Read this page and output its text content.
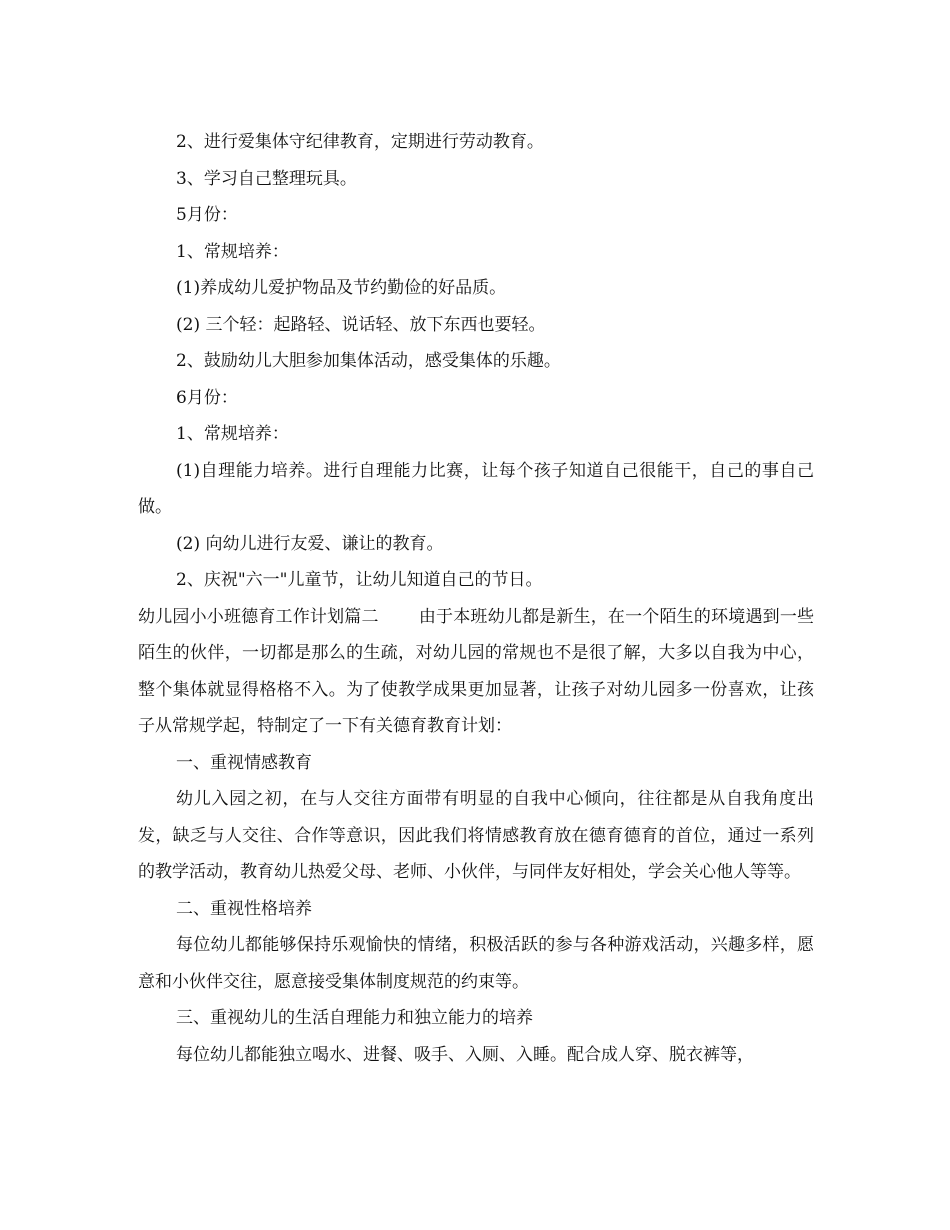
2、进行爱集体守纪律教育，定期进行劳动教育。

3、学习自己整理玩具。

5月份：

1、常规培养：

(1)养成幼儿爱护物品及节约勤俭的好品质。

(2) 三个轻：起路轻、说话轻、放下东西也要轻。

2、鼓励幼儿大胆参加集体活动，感受集体的乐趣。

6月份：

1、常规培养：

(1)自理能力培养。进行自理能力比赛，让每个孩子知道自己很能干，自己的事自己做。

(2) 向幼儿进行友爱、谦让的教育。

2、庆祝"六一"儿童节，让幼儿知道自己的节日。

幼儿园小小班德育工作计划篇二 由于本班幼儿都是新生，在一个陌生的环境遇到一些陌生的伙伴，一切都是那么的生疏，对幼儿园的常规也不是很了解，大多以自我为中心，整个集体就显得格格不入。为了使教学成果更加显著，让孩子对幼儿园多一份喜欢，让孩子从常规学起，特制定了一下有关德育教育计划：

一、重视情感教育

幼儿入园之初，在与人交往方面带有明显的自我中心倾向，往往都是从自我角度出发，缺乏与人交往、合作等意识，因此我们将情感教育放在德育德育的首位，通过一系列的教学活动，教育幼儿热爱父母、老师、小伙伴，与同伴友好相处，学会关心他人等等。

二、重视性格培养

每位幼儿都能够保持乐观愉快的情绪，积极活跃的参与各种游戏活动，兴趣多样，愿意和小伙伴交往，愿意接受集体制度规范的约束等。

三、重视幼儿的生活自理能力和独立能力的培养

每位幼儿都能独立喝水、进餐、吸手、入厕、入睡。配合成人穿、脱衣裤等，
